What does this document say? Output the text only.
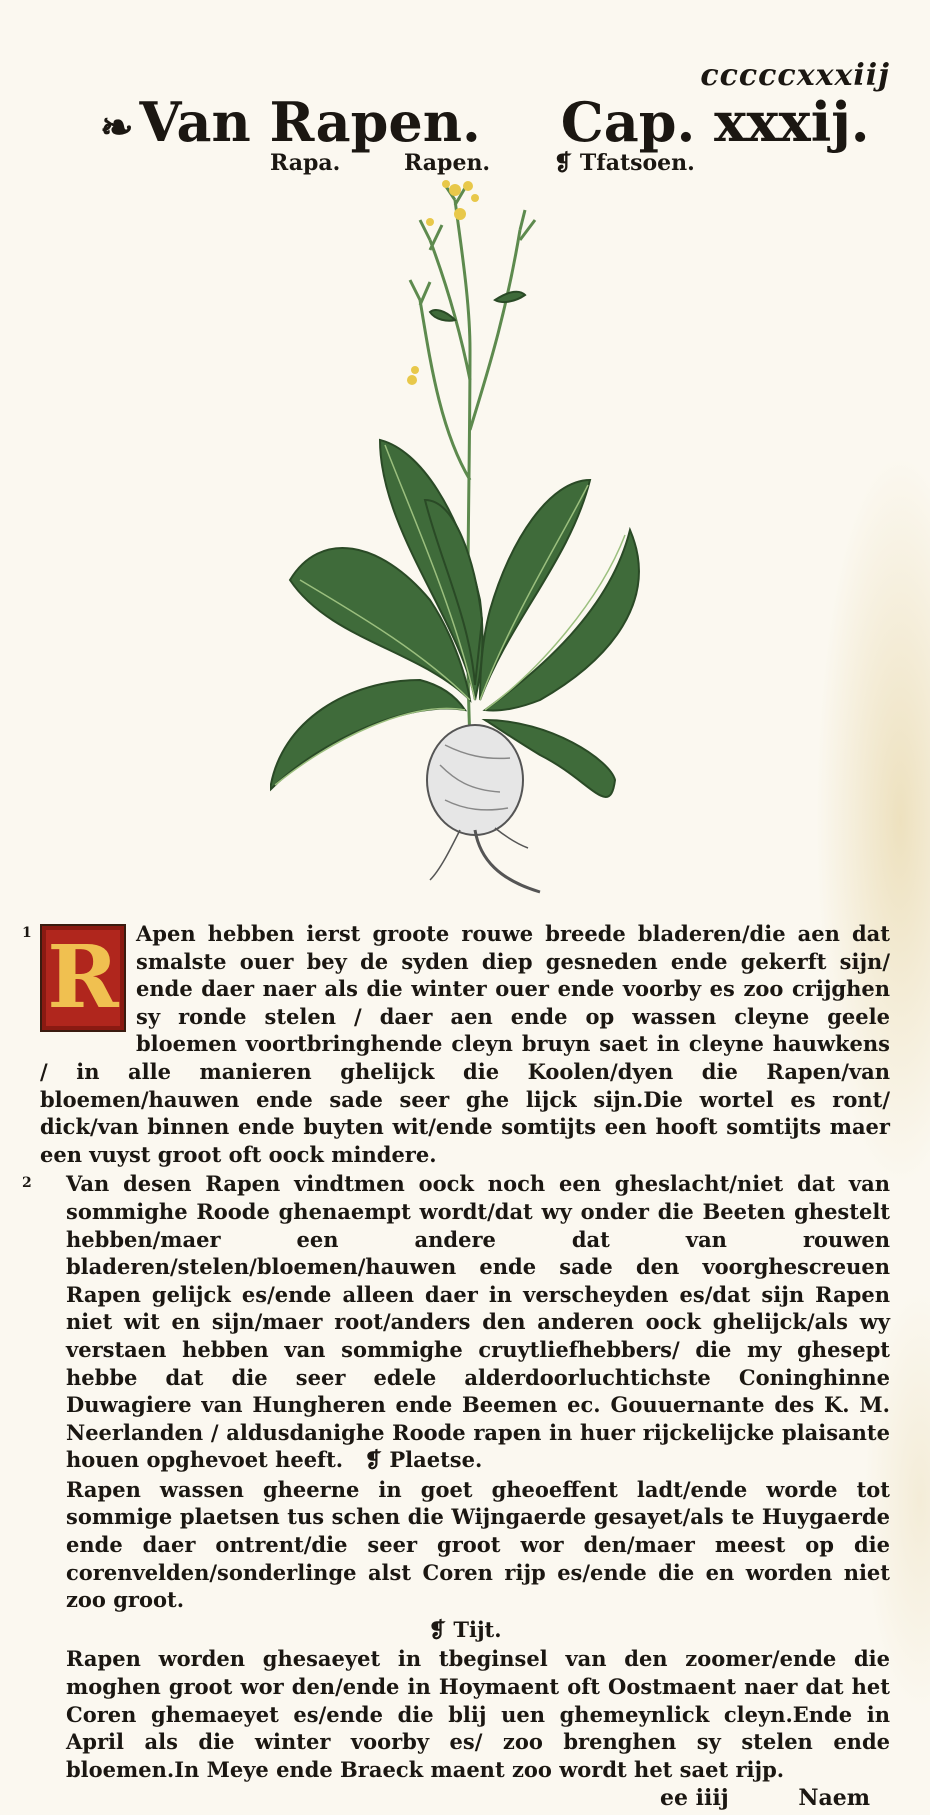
cccccxxxiij
❧ Van Rapen. Cap. xxxij.
Rapa.	Rapen.	❡ Tfatsoen.
1 R Apen hebben ierst groote rouwe breede bladeren/die aen dat smalste ouer bey de syden diep gesneden ende gekerft sijn/ ende daer naer als die winter ouer ende voorby es zoo crijghen sy ronde stelen / daer aen ende op wassen cleyne geele bloemen voortbringhende cleyn bruyn saet in cleyne hauwkens / in alle manieren ghelijck die Koolen/dyen die Rapen/van bloemen/hauwen ende sade seer ghe lijck sijn.Die wortel es ront/ dick/van binnen ende buyten wit/ende somtijts een hooft somtijts maer een vuyst groot oft oock mindere.
2 Van desen Rapen vindtmen oock noch een gheslacht/niet dat van sommighe Roode ghenaempt wordt/dat wy onder die Beeten ghestelt hebben/maer een andere dat van rouwen bladeren/stelen/bloemen/hauwen ende sade den voorghescreuen Rapen gelijck es/ende alleen daer in verscheyden es/dat sijn Rapen niet wit en sijn/maer root/anders den anderen oock ghelijck/als wy verstaen hebben van sommighe cruytliefhebbers/ die my ghesept hebbe dat die seer edele alderdoorluchtichste Coninghinne Duwagiere van Hungheren ende Beemen ec. Gouuernante des K. M. Neerlanden / aldusdanighe Roode rapen in huer rijckelijcke plaisante houen opghevoet heeft. ❡ Plaetse.
Rapen wassen gheerne in goet gheoeffent ladt/ende worde tot sommige plaetsen tus schen die Wijngaerde gesayet/als te Huygaerde ende daer ontrent/die seer groot wor den/maer meest op die corenvelden/sonderlinge alst Coren rijp es/ende die en worden niet zoo groot.
❡ Tijt.
Rapen worden ghesaeyet in tbeginsel van den zoomer/ende die moghen groot wor den/ende in Hoymaent oft Oostmaent naer dat het Coren ghemaeyet es/ende die blij uen ghemeynlick cleyn.Ende in April als die winter voorby es/ zoo brenghen sy stelen ende bloemen.In Meye ende Braeck maent zoo wordt het saet rijp.
ee iiij	Naem
